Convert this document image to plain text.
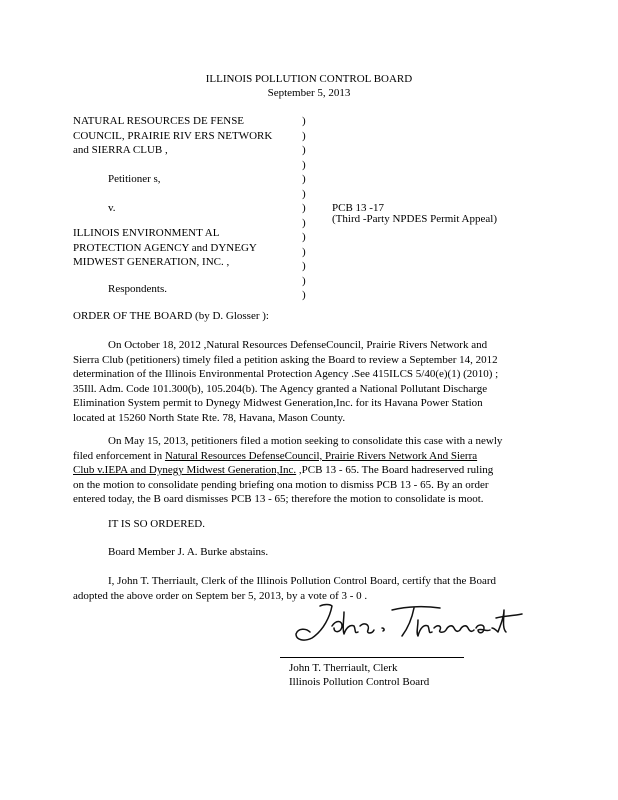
ILLINOIS POLLUTION CONTROL BOARD
September 5, 2013
NATURAL RESOURCES DE FENSE
COUNCIL, PRAIRIE RIV ERS NETWORK
and SIERRA CLUB ,
Petitioner s,
v.
ILLINOIS ENVIRONMENT AL
PROTECTION AGENCY and DYNEGY
MIDWEST GENERATION, INC. ,
Respondents.
)
)
)
)
)
)
)
)
)
)
)
)
)
PCB 13 -17
(Third -Party NPDES Permit Appeal)
ORDER OF THE BOARD (by D. Glosser ):
On October 18, 2012 ,Natural Resources DefenseCouncil, Prairie Rivers Network and
Sierra Club (petitioners) timely filed a petition asking the Board to review a September 14, 2012
determination of the Illinois Environmental Protection Agency .See 415ILCS 5/40(e)(1) (2010) ;
35Ill. Adm. Code 101.300(b), 105.204(b). The Agency granted a National Pollutant Discharge
Elimination System permit to Dynegy Midwest Generation,Inc. for its Havana Power Station
located at 15260 North State Rte. 78, Havana, Mason County.
On May 15, 2013, petitioners filed a motion seeking to consolidate this case with a newly
filed enforcement in Natural Resources DefenseCouncil, Prairie Rivers Network And Sierra
Club v.IEPA and Dynegy Midwest Generation,Inc. ,PCB 13 - 65. The Board hadreserved ruling
on the motion to consolidate pending briefing ona motion to dismiss PCB 13 - 65. By an order
entered today, the B oard dismisses PCB 13 - 65; therefore the motion to consolidate is moot.
IT IS SO ORDERED.
Board Member J. A. Burke abstains.
I, John T. Therriault, Clerk of the Illinois Pollution Control Board, certify that the Board
adopted the above order on Septem ber 5, 2013, by a vote of 3 - 0 .
John T. Therriault, Clerk
Illinois Pollution Control Board
